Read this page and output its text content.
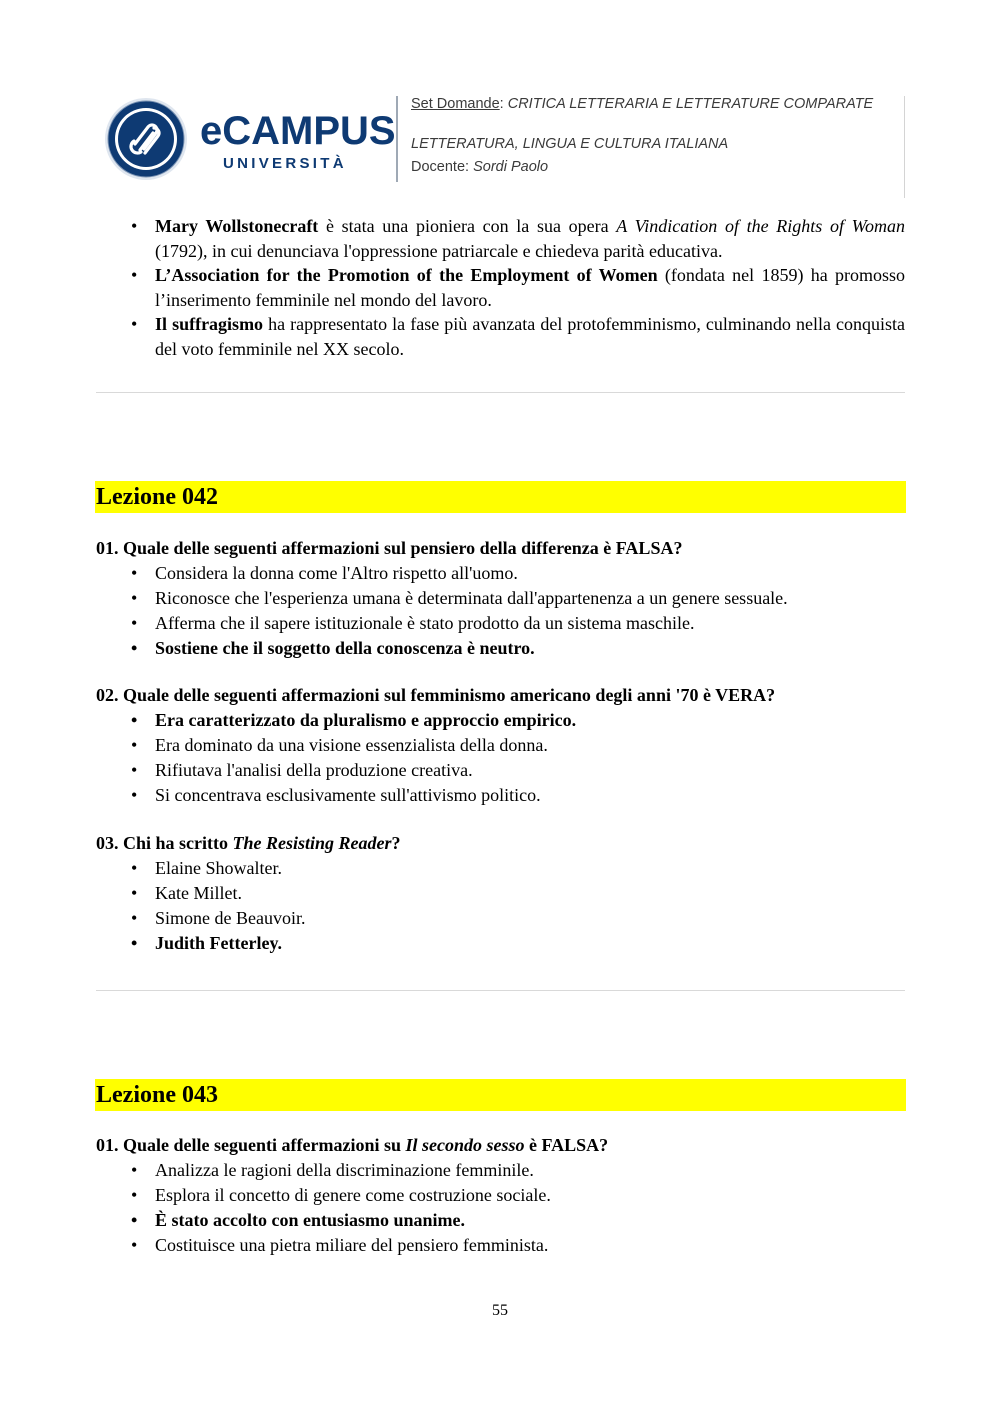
eCAMPUS
UNIVERSITÀ
Set Domande: CRITICA LETTERARIA E LETTERATURE COMPARATE
LETTERATURA, LINGUA E CULTURA ITALIANA
Docente: Sordi Paolo
• Mary Wollstonecraft è stata una pioniera con la sua opera A Vindication of the Rights of Woman (1792), in cui denunciava l'oppressione patriarcale e chiedeva parità educativa.
• L’Association for the Promotion of the Employment of Women (fondata nel 1859) ha promosso l’inserimento femminile nel mondo del lavoro.
• Il suffragismo ha rappresentato la fase più avanzata del protofemminismo, culminando nella conquista del voto femminile nel XX secolo.
Lezione 042

01. Quale delle seguenti affermazioni sul pensiero della differenza è FALSA?

• Considera la donna come l'Altro rispetto all'uomo.
• Riconosce che l'esperienza umana è determinata dall'appartenenza a un genere sessuale.
• Afferma che il sapere istituzionale è stato prodotto da un sistema maschile.
• Sostiene che il soggetto della conoscenza è neutro.

02. Quale delle seguenti affermazioni sul femminismo americano degli anni '70 è VERA?

• Era caratterizzato da pluralismo e approccio empirico.
• Era dominato da una visione essenzialista della donna.
• Rifiutava l'analisi della produzione creativa.
• Si concentrava esclusivamente sull'attivismo politico.

03. Chi ha scritto The Resisting Reader?

• Elaine Showalter.
• Kate Millet.
• Simone de Beauvoir.
• Judith Fetterley.
Lezione 043

01. Quale delle seguenti affermazioni su Il secondo sesso è FALSA?

• Analizza le ragioni della discriminazione femminile.
• Esplora il concetto di genere come costruzione sociale.
• È stato accolto con entusiasmo unanime.
• Costituisce una pietra miliare del pensiero femminista.
55
